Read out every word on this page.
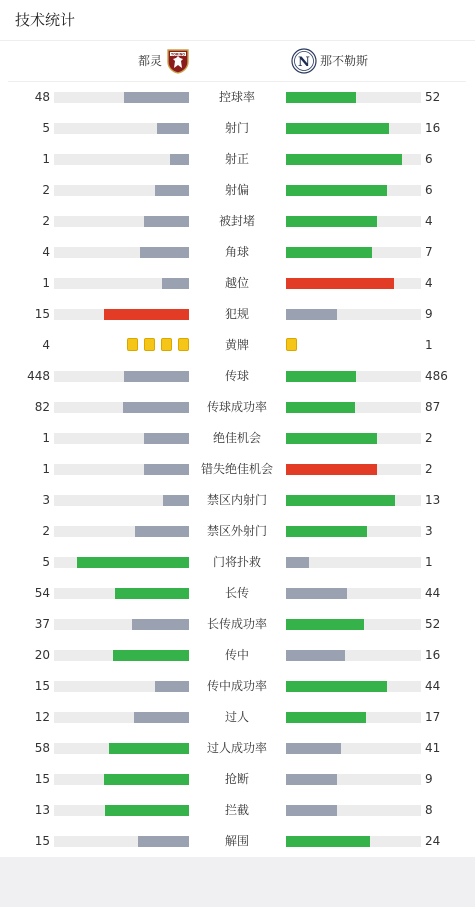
技术统计
都灵	TORINO
N 那不勒斯
48	控球率	52
5	射门	16
1	射正	6
2	射偏	6
2	被封堵	4
4	角球	7
1	越位	4
15	犯规	9
4	黄牌	1
448	传球	486
82	传球成功率	87
1	绝佳机会	2
1	错失绝佳机会	2
3	禁区内射门	13
2	禁区外射门	3
5	门将扑救	1
54	长传	44
37	长传成功率	52
20	传中	16
15	传中成功率	44
12	过人	17
58	过人成功率	41
15	抢断	9
13	拦截	8
15	解围	24
